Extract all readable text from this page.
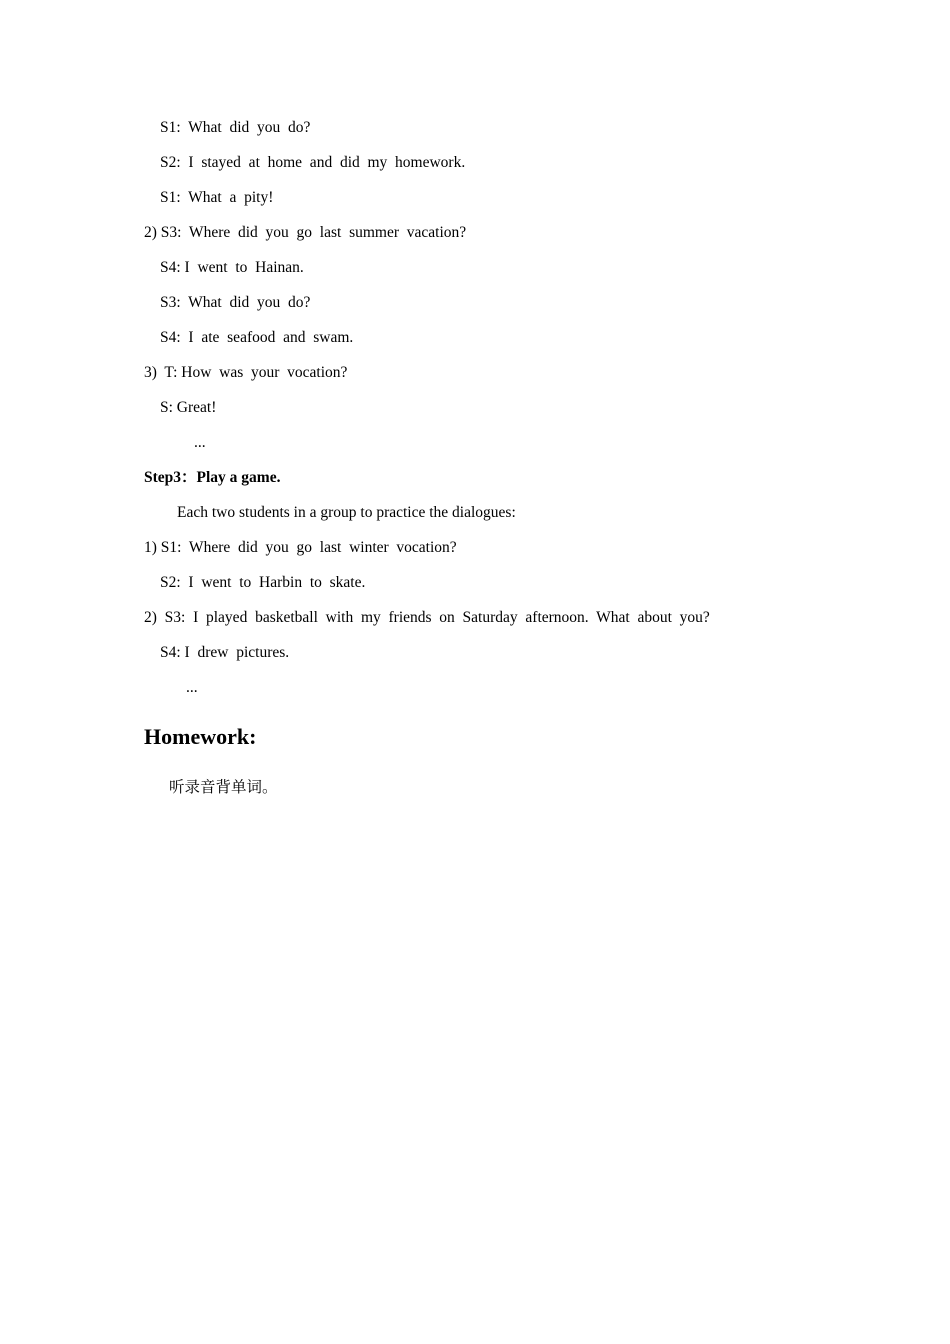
S1:  What  did  you  do?
S2:  I  stayed  at  home  and  did  my  homework.
S1:  What  a  pity!
2) S3:  Where  did  you  go  last  summer  vacation?
S4: I  went  to  Hainan.
S3:  What  did  you  do?
S4:  I  ate  seafood  and  swam.
3)  T: How  was  your  vocation?
S: Great!
...
Step3：Play a game.
Each two students in a group to practice the dialogues:
1) S1:  Where  did  you  go  last  winter  vocation?
S2:  I  went  to  Harbin  to  skate.
2)  S3:  I  played  basketball  with  my  friends  on  Saturday  afternoon.  What  about  you?
S4: I  drew  pictures.
...
Homework:
听录音背单词。
